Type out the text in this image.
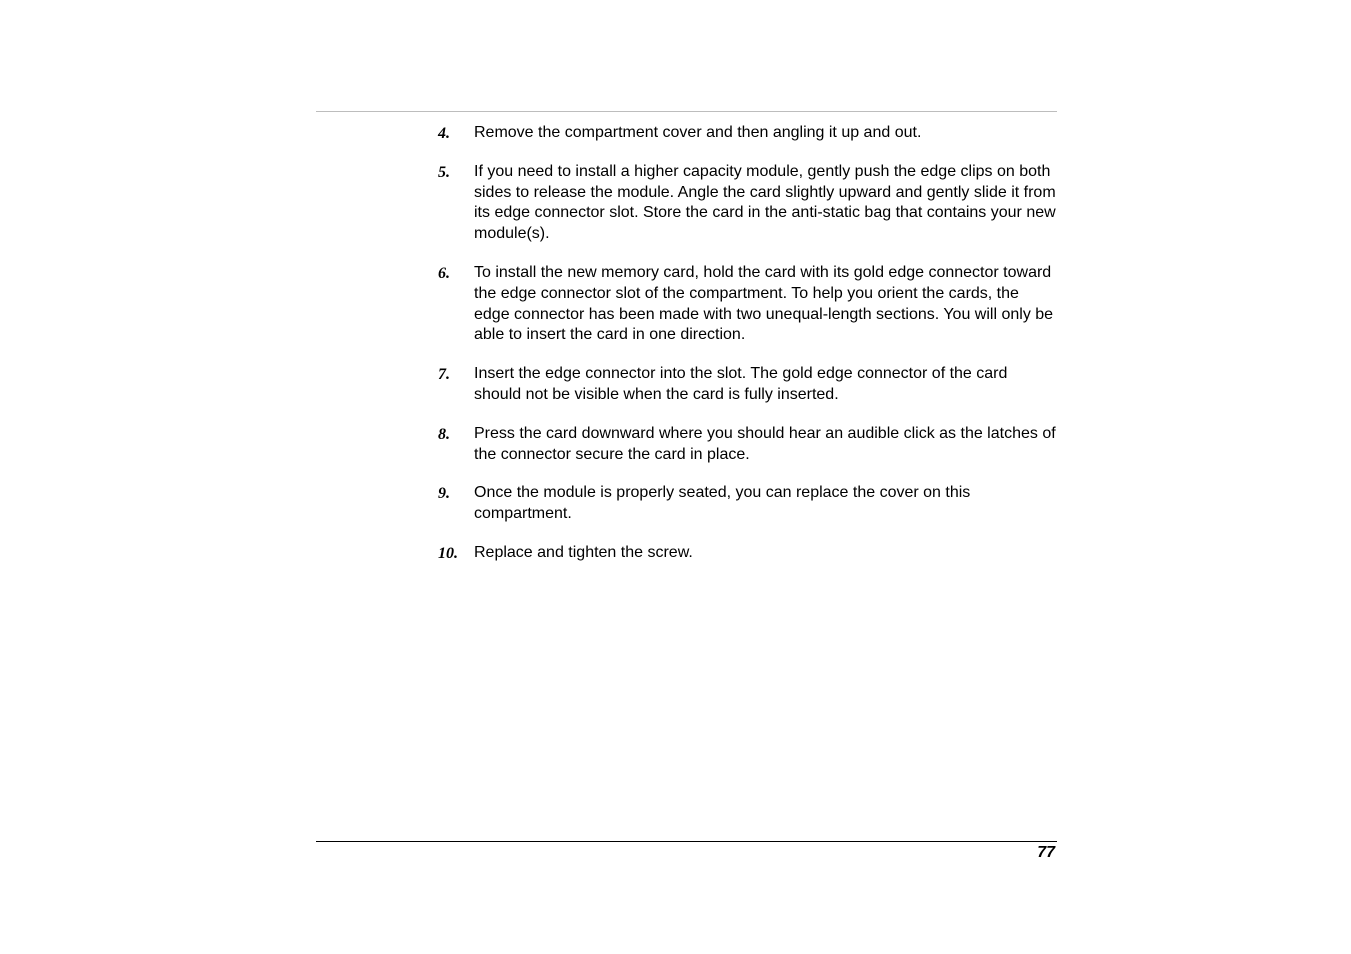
4. Remove the compartment cover and then angling it up and out.
5. If you need to install a higher capacity module, gently push the edge clips on both sides to release the module. Angle the card slightly upward and gently slide it from its edge connector slot. Store the card in the anti-static bag that contains your new module(s).
6. To install the new memory card, hold the card with its gold edge connector toward the edge connector slot of the compartment. To help you orient the cards, the edge connector has been made with two unequal-length sections. You will only be able to insert the card in one direction.
7. Insert the edge connector into the slot. The gold edge connector of the card should not be visible when the card is fully inserted.
8. Press the card downward where you should hear an audible click as the latches of the connector secure the card in place.
9. Once the module is properly seated, you can replace the cover on this compartment.
10. Replace and tighten the screw.
77
